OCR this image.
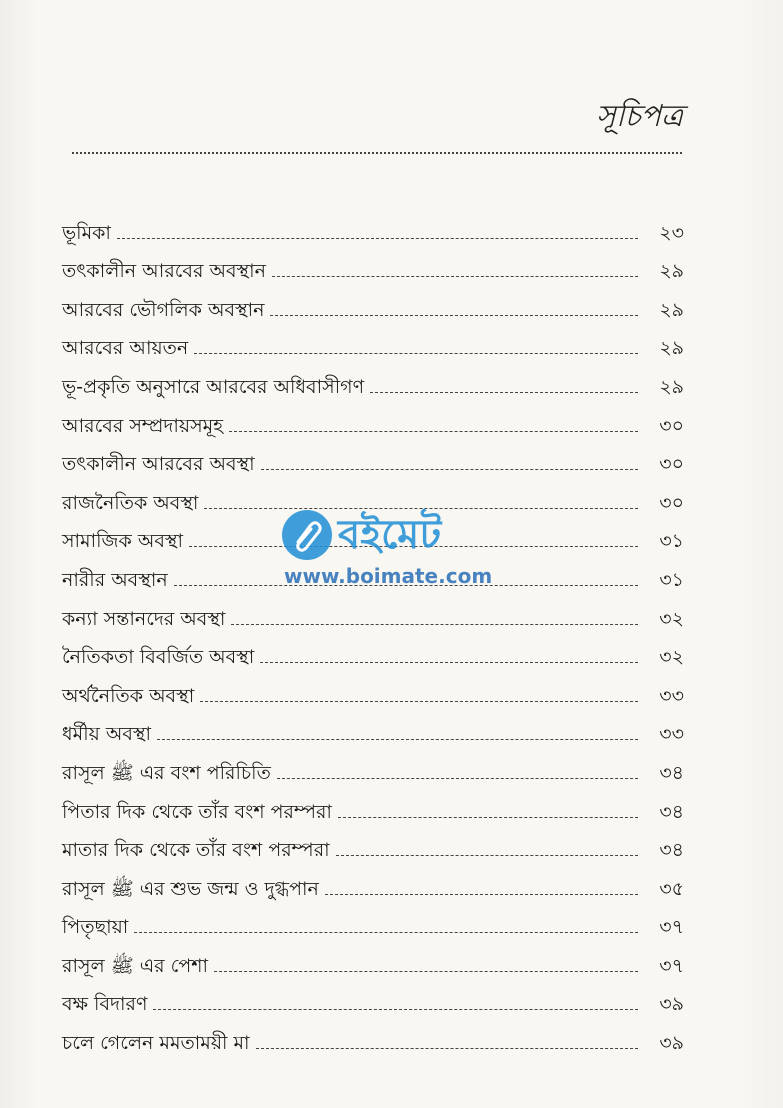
সূচিপত্র
ভূমিকা	২৩
তৎকালীন আরবের অবস্থান	২৯
আরবের ভৌগলিক অবস্থান	২৯
আরবের আয়তন	২৯
ভূ-প্রকৃতি অনুসারে আরবের অধিবাসীগণ	২৯
আরবের সম্প্রদায়সমূহ	৩০
তৎকালীন আরবের অবস্থা	৩০
রাজনৈতিক অবস্থা	৩০
সামাজিক অবস্থা	৩১
নারীর অবস্থান	৩১
কন্যা সন্তানদের অবস্থা	৩২
নৈতিকতা বিবর্জিত অবস্থা	৩২
অর্থনৈতিক অবস্থা	৩৩
ধর্মীয় অবস্থা	৩৩
রাসূল ﷺ এর বংশ পরিচিতি	৩৪
পিতার দিক থেকে তাঁর বংশ পরম্পরা	৩৪
মাতার দিক থেকে তাঁর বংশ পরম্পরা	৩৪
রাসূল ﷺ এর শুভ জন্ম ও দুগ্ধপান	৩৫
পিতৃছায়া	৩৭
রাসূল ﷺ এর পেশা	৩৭
বক্ষ বিদারণ	৩৯
চলে গেলেন মমতাময়ী মা	৩৯
বইমেট
www.boimate.com
